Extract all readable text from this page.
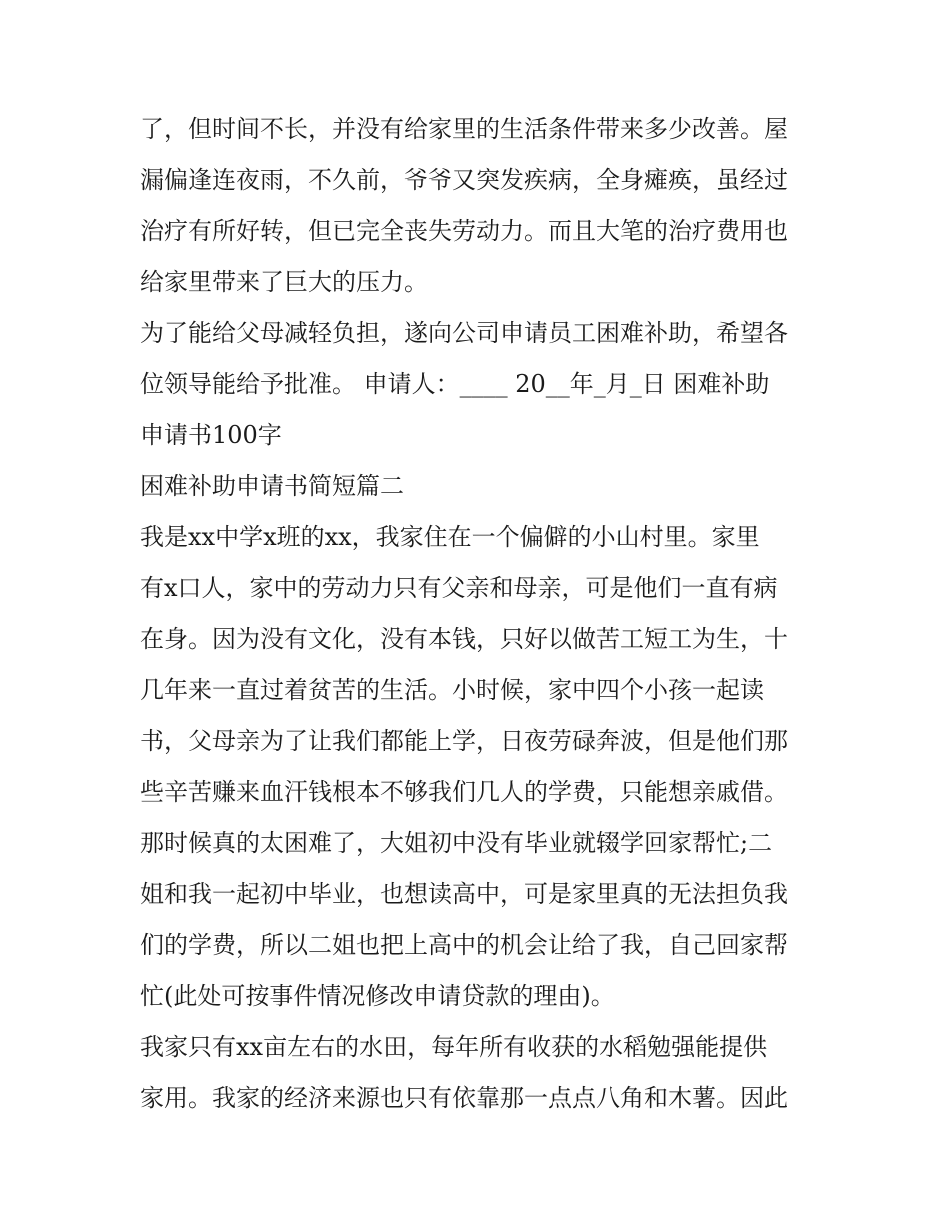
了，但时间不长，并没有给家里的生活条件带来多少改善。屋
漏偏逢连夜雨，不久前，爷爷又突发疾病，全身瘫痪，虽经过
治疗有所好转，但已完全丧失劳动力。而且大笔的治疗费用也
给家里带来了巨大的压力。
为了能给父母减轻负担，遂向公司申请员工困难补助，希望各
位领导能给予批准。 申请人：____ 20__年_月_日 困难补助
申请书100字
困难补助申请书简短篇二
我是xx中学x班的xx，我家住在一个偏僻的小山村里。家里
有x口人，家中的劳动力只有父亲和母亲，可是他们一直有病
在身。因为没有文化，没有本钱，只好以做苦工短工为生，十
几年来一直过着贫苦的生活。小时候，家中四个小孩一起读
书，父母亲为了让我们都能上学，日夜劳碌奔波，但是他们那
些辛苦赚来血汗钱根本不够我们几人的学费，只能想亲戚借。
那时候真的太困难了，大姐初中没有毕业就辍学回家帮忙;二
姐和我一起初中毕业，也想读高中，可是家里真的无法担负我
们的学费，所以二姐也把上高中的机会让给了我，自己回家帮
忙(此处可按事件情况修改申请贷款的理由)。
我家只有xx亩左右的水田，每年所有收获的水稻勉强能提供
家用。我家的经济来源也只有依靠那一点点八角和木薯。因此
